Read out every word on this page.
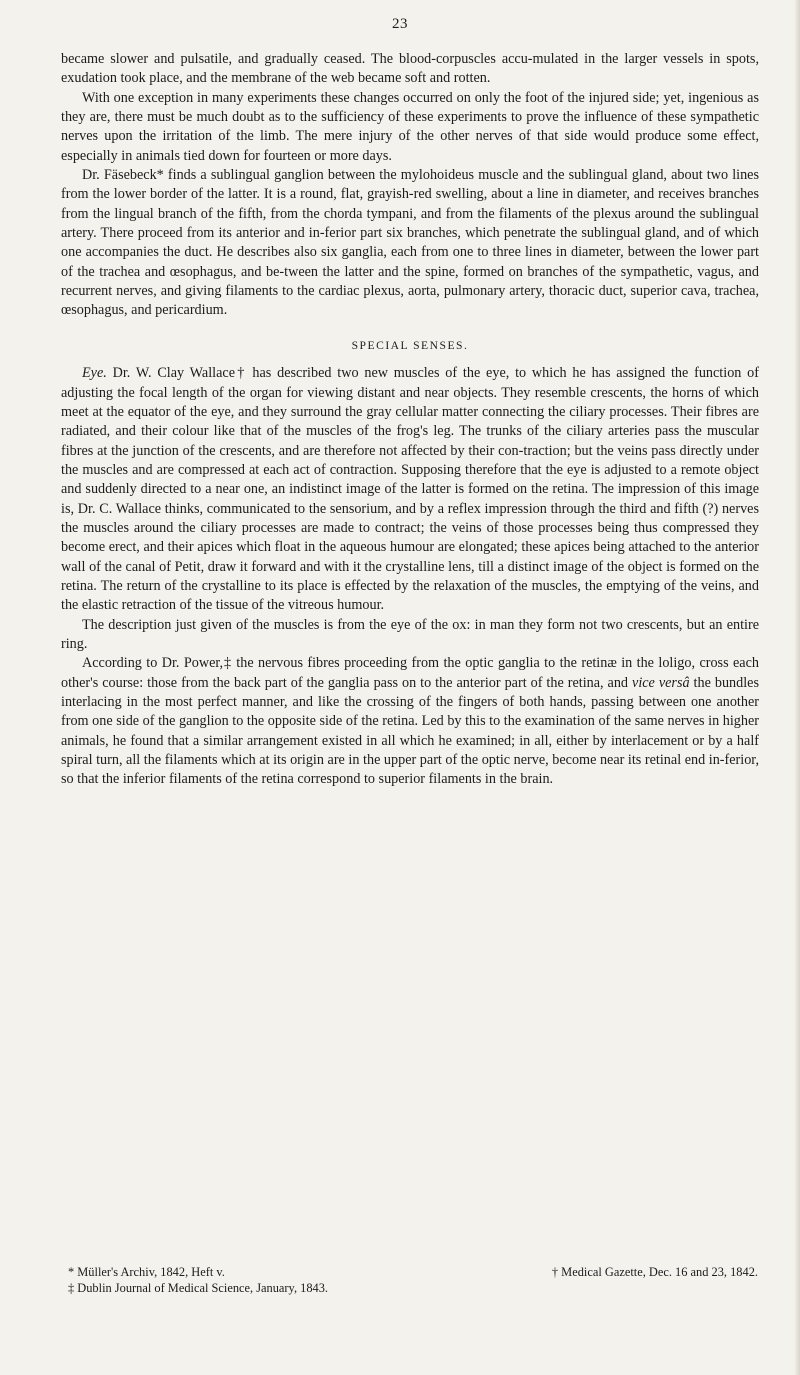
23

became slower and pulsatile, and gradually ceased. The blood-corpuscles accu-mulated in the larger vessels in spots, exudation took place, and the membrane of the web became soft and rotten.

With one exception in many experiments these changes occurred on only the foot of the injured side; yet, ingenious as they are, there must be much doubt as to the sufficiency of these experiments to prove the influence of these sympathetic nerves upon the irritation of the limb. The mere injury of the other nerves of that side would produce some effect, especially in animals tied down for fourteen or more days.

Dr. Fäsebeck* finds a sublingual ganglion between the mylohoideus muscle and the sublingual gland, about two lines from the lower border of the latter. It is a round, flat, grayish-red swelling, about a line in diameter, and receives branches from the lingual branch of the fifth, from the chorda tympani, and from the filaments of the plexus around the sublingual artery. There proceed from its anterior and in-ferior part six branches, which penetrate the sublingual gland, and of which one accompanies the duct. He describes also six ganglia, each from one to three lines in diameter, between the lower part of the trachea and œsophagus, and be-tween the latter and the spine, formed on branches of the sympathetic, vagus, and recurrent nerves, and giving filaments to the cardiac plexus, aorta, pulmonary artery, thoracic duct, superior cava, trachea, œsophagus, and pericardium.

SPECIAL SENSES.

Eye. Dr. W. Clay Wallace† has described two new muscles of the eye, to which he has assigned the function of adjusting the focal length of the organ for viewing distant and near objects. They resemble crescents, the horns of which meet at the equator of the eye, and they surround the gray cellular matter connecting the ciliary processes. Their fibres are radiated, and their colour like that of the muscles of the frog's leg. The trunks of the ciliary arteries pass the muscular fibres at the junction of the crescents, and are therefore not affected by their con-traction; but the veins pass directly under the muscles and are compressed at each act of contraction. Supposing therefore that the eye is adjusted to a remote object and suddenly directed to a near one, an indistinct image of the latter is formed on the retina. The impression of this image is, Dr. C. Wallace thinks, communicated to the sensorium, and by a reflex impression through the third and fifth (?) nerves the muscles around the ciliary processes are made to contract; the veins of those processes being thus compressed they become erect, and their apices which float in the aqueous humour are elongated; these apices being attached to the anterior wall of the canal of Petit, draw it forward and with it the crystalline lens, till a distinct image of the object is formed on the retina. The return of the crystalline to its place is effected by the relaxation of the muscles, the emptying of the veins, and the elastic retraction of the tissue of the vitreous humour.

The description just given of the muscles is from the eye of the ox: in man they form not two crescents, but an entire ring.

According to Dr. Power,‡ the nervous fibres proceeding from the optic ganglia to the retinæ in the loligo, cross each other's course: those from the back part of the ganglia pass on to the anterior part of the retina, and vice versâ the bundles interlacing in the most perfect manner, and like the crossing of the fingers of both hands, passing between one another from one side of the ganglion to the opposite side of the retina. Led by this to the examination of the same nerves in higher animals, he found that a similar arrangement existed in all which he examined; in all, either by interlacement or by a half spiral turn, all the filaments which at its origin are in the upper part of the optic nerve, become near its retinal end in-ferior, so that the inferior filaments of the retina correspond to superior filaments in the brain.

* Müller's Archiv, 1842, Heft v.	† Medical Gazette, Dec. 16 and 23, 1842.
‡ Dublin Journal of Medical Science, January, 1843.
